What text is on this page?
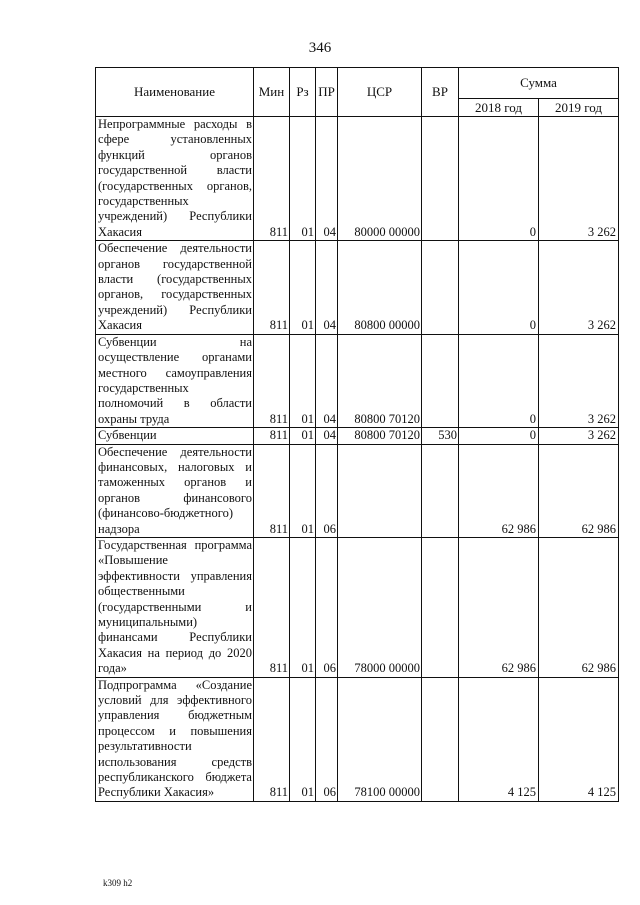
346
Наименование	Мин	Рз	ПР	ЦСР	ВР	Сумма	
						2018 год	2019 год
Непрограммные расходы в сфере установленных функций органов государственной власти (государственных органов, государственных учреждений) Республики Хакасия	811	01	04	80000 00000		0	3 262
Обеспечение деятельности органов государственной власти (государственных органов, государственных учреждений) Республики Хакасия	811	01	04	80800 00000		0	3 262
Субвенции на осуществление органами местного самоуправления государственных полномочий в области охраны труда	811	01	04	80800 70120		0	3 262
Субвенции	811	01	04	80800 70120	530	0	3 262
Обеспечение деятельности финансовых, налоговых и таможенных органов и органов финансового (финансово-бюджетного) надзора	811	01	06			62 986	62 986
Государственная программа «Повышение эффективности управления общественными (государственными и муниципальными) финансами Республики Хакасия на период до 2020 года»	811	01	06	78000 00000		62 986	62 986
Подпрограмма «Создание условий для эффективного управления бюджетным процессом и повышения результативности использования средств республиканского бюджета Республики Хакасия»	811	01	06	78100 00000		4 125	4 125
k309 h2
